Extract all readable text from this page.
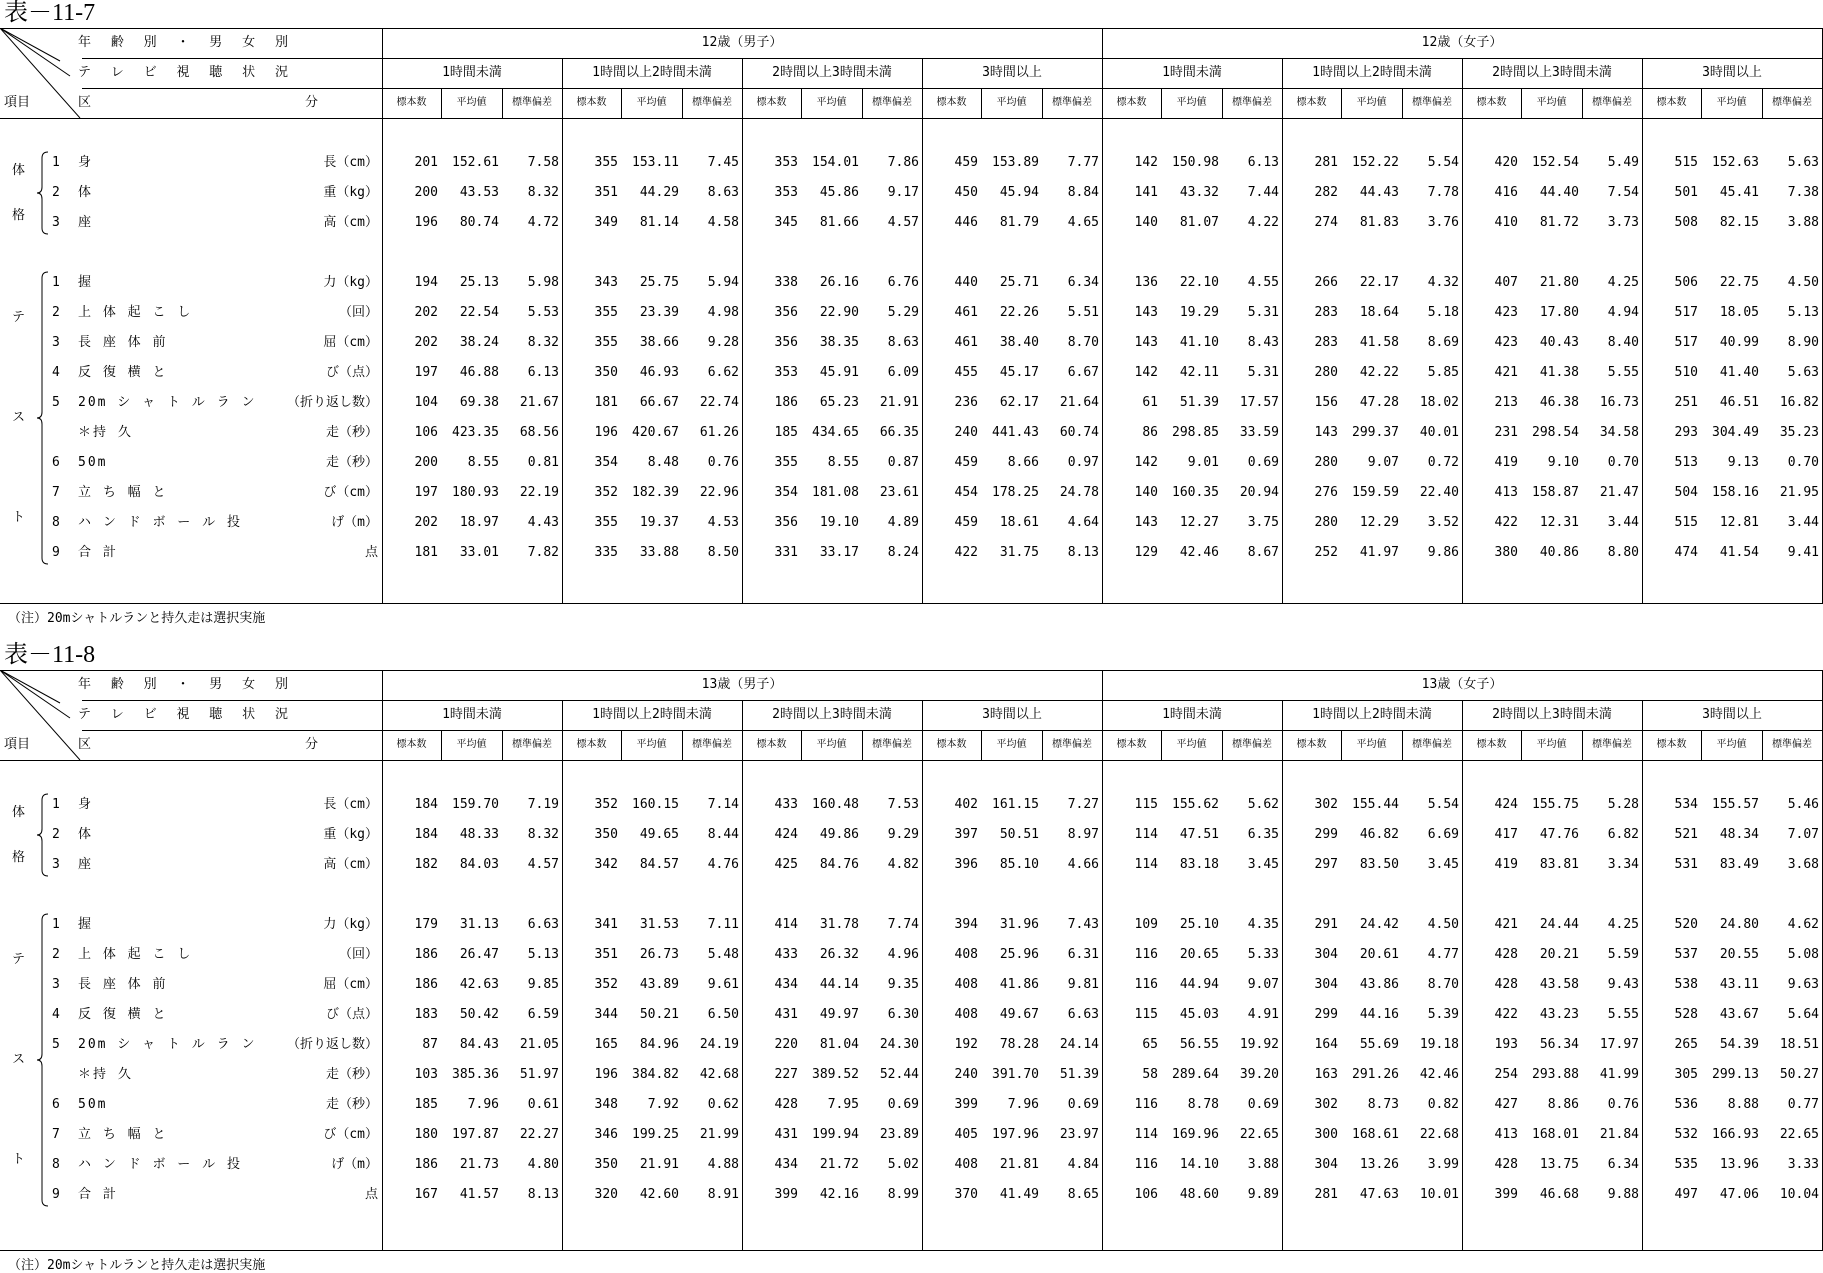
表－11-7
年 齢 別 ・ 男 女 別
テ レ ビ 視 聴 状 況
項目	区	分
12歳（男子）	12歳（女子）
1時間未満
標本数	平均値	標準偏差
1時間以上2時間未満
標本数	平均値	標準偏差
2時間以上3時間未満
標本数	平均値	標準偏差
3時間以上
標本数	平均値	標準偏差
1時間未満
標本数	平均値	標準偏差
1時間以上2時間未満
標本数	平均値	標準偏差
2時間以上3時間未満
標本数	平均値	標準偏差
3時間以上
標本数	平均値	標準偏差
1	身	長（cm）	201	152.61	7.58	355	153.11	7.45	353	154.01	7.86	459	153.89	7.77	142	150.98	6.13	281	152.22	5.54	420	152.54	5.49	515	152.63	5.63
2	体	重（kg）	200	43.53	8.32	351	44.29	8.63	353	45.86	9.17	450	45.94	8.84	141	43.32	7.44	282	44.43	7.78	416	44.40	7.54	501	45.41	7.38
3	座	高（cm）	196	80.74	4.72	349	81.14	4.58	345	81.66	4.57	446	81.79	4.65	140	81.07	4.22	274	81.83	3.76	410	81.72	3.73	508	82.15	3.88
体
格
1	握	力（kg）	194	25.13	5.98	343	25.75	5.94	338	26.16	6.76	440	25.71	6.34	136	22.10	4.55	266	22.17	4.32	407	21.80	4.25	506	22.75	4.50
2	上 体 起 こ し	（回）	202	22.54	5.53	355	23.39	4.98	356	22.90	5.29	461	22.26	5.51	143	19.29	5.31	283	18.64	5.18	423	17.80	4.94	517	18.05	5.13
3	長 座 体 前	屈（cm）	202	38.24	8.32	355	38.66	9.28	356	38.35	8.63	461	38.40	8.70	143	41.10	8.43	283	41.58	8.69	423	40.43	8.40	517	40.99	8.90
4	反 復 横 と	び（点）	197	46.88	6.13	350	46.93	6.62	353	45.91	6.09	455	45.17	6.67	142	42.11	5.31	280	42.22	5.85	421	41.38	5.55	510	41.40	5.63
5	20m シ ャ ト ル ラ ン	（折り返し数）	104	69.38	21.67	181	66.67	22.74	186	65.23	21.91	236	62.17	21.64	61	51.39	17.57	156	47.28	18.02	213	46.38	16.73	251	46.51	16.82
＊持 久	走（秒）	106	423.35	68.56	196	420.67	61.26	185	434.65	66.35	240	441.43	60.74	86	298.85	33.59	143	299.37	40.01	231	298.54	34.58	293	304.49	35.23
6	50m	走（秒）	200	8.55	0.81	354	8.48	0.76	355	8.55	0.87	459	8.66	0.97	142	9.01	0.69	280	9.07	0.72	419	9.10	0.70	513	9.13	0.70
7	立 ち 幅 と	び（cm）	197	180.93	22.19	352	182.39	22.96	354	181.08	23.61	454	178.25	24.78	140	160.35	20.94	276	159.59	22.40	413	158.87	21.47	504	158.16	21.95
8	ハ ン ド ボ ー ル 投	げ（m）	202	18.97	4.43	355	19.37	4.53	356	19.10	4.89	459	18.61	4.64	143	12.27	3.75	280	12.29	3.52	422	12.31	3.44	515	12.81	3.44
9	合 計	点	181	33.01	7.82	335	33.88	8.50	331	33.17	8.24	422	31.75	8.13	129	42.46	8.67	252	41.97	9.86	380	40.86	8.80	474	41.54	9.41
テ
ス
ト
（注）20mシャトルランと持久走は選択実施
表－11-8
年 齢 別 ・ 男 女 別
テ レ ビ 視 聴 状 況
項目	区	分
13歳（男子）	13歳（女子）
1時間未満
標本数	平均値	標準偏差
1時間以上2時間未満
標本数	平均値	標準偏差
2時間以上3時間未満
標本数	平均値	標準偏差
3時間以上
標本数	平均値	標準偏差
1時間未満
標本数	平均値	標準偏差
1時間以上2時間未満
標本数	平均値	標準偏差
2時間以上3時間未満
標本数	平均値	標準偏差
3時間以上
標本数	平均値	標準偏差
1	身	長（cm）	184	159.70	7.19	352	160.15	7.14	433	160.48	7.53	402	161.15	7.27	115	155.62	5.62	302	155.44	5.54	424	155.75	5.28	534	155.57	5.46
2	体	重（kg）	184	48.33	8.32	350	49.65	8.44	424	49.86	9.29	397	50.51	8.97	114	47.51	6.35	299	46.82	6.69	417	47.76	6.82	521	48.34	7.07
3	座	高（cm）	182	84.03	4.57	342	84.57	4.76	425	84.76	4.82	396	85.10	4.66	114	83.18	3.45	297	83.50	3.45	419	83.81	3.34	531	83.49	3.68
体
格
1	握	力（kg）	179	31.13	6.63	341	31.53	7.11	414	31.78	7.74	394	31.96	7.43	109	25.10	4.35	291	24.42	4.50	421	24.44	4.25	520	24.80	4.62
2	上 体 起 こ し	（回）	186	26.47	5.13	351	26.73	5.48	433	26.32	4.96	408	25.96	6.31	116	20.65	5.33	304	20.61	4.77	428	20.21	5.59	537	20.55	5.08
3	長 座 体 前	屈（cm）	186	42.63	9.85	352	43.89	9.61	434	44.14	9.35	408	41.86	9.81	116	44.94	9.07	304	43.86	8.70	428	43.58	9.43	538	43.11	9.63
4	反 復 横 と	び（点）	183	50.42	6.59	344	50.21	6.50	431	49.97	6.30	408	49.67	6.63	115	45.03	4.91	299	44.16	5.39	422	43.23	5.55	528	43.67	5.64
5	20m シ ャ ト ル ラ ン	（折り返し数）	87	84.43	21.05	165	84.96	24.19	220	81.04	24.30	192	78.28	24.14	65	56.55	19.92	164	55.69	19.18	193	56.34	17.97	265	54.39	18.51
＊持 久	走（秒）	103	385.36	51.97	196	384.82	42.68	227	389.52	52.44	240	391.70	51.39	58	289.64	39.20	163	291.26	42.46	254	293.88	41.99	305	299.13	50.27
6	50m	走（秒）	185	7.96	0.61	348	7.92	0.62	428	7.95	0.69	399	7.96	0.69	116	8.78	0.69	302	8.73	0.82	427	8.86	0.76	536	8.88	0.77
7	立 ち 幅 と	び（cm）	180	197.87	22.27	346	199.25	21.99	431	199.94	23.89	405	197.96	23.97	114	169.96	22.65	300	168.61	22.68	413	168.01	21.84	532	166.93	22.65
8	ハ ン ド ボ ー ル 投	げ（m）	186	21.73	4.80	350	21.91	4.88	434	21.72	5.02	408	21.81	4.84	116	14.10	3.88	304	13.26	3.99	428	13.75	6.34	535	13.96	3.33
9	合 計	点	167	41.57	8.13	320	42.60	8.91	399	42.16	8.99	370	41.49	8.65	106	48.60	9.89	281	47.63	10.01	399	46.68	9.88	497	47.06	10.04
テ
ス
ト
（注）20mシャトルランと持久走は選択実施
